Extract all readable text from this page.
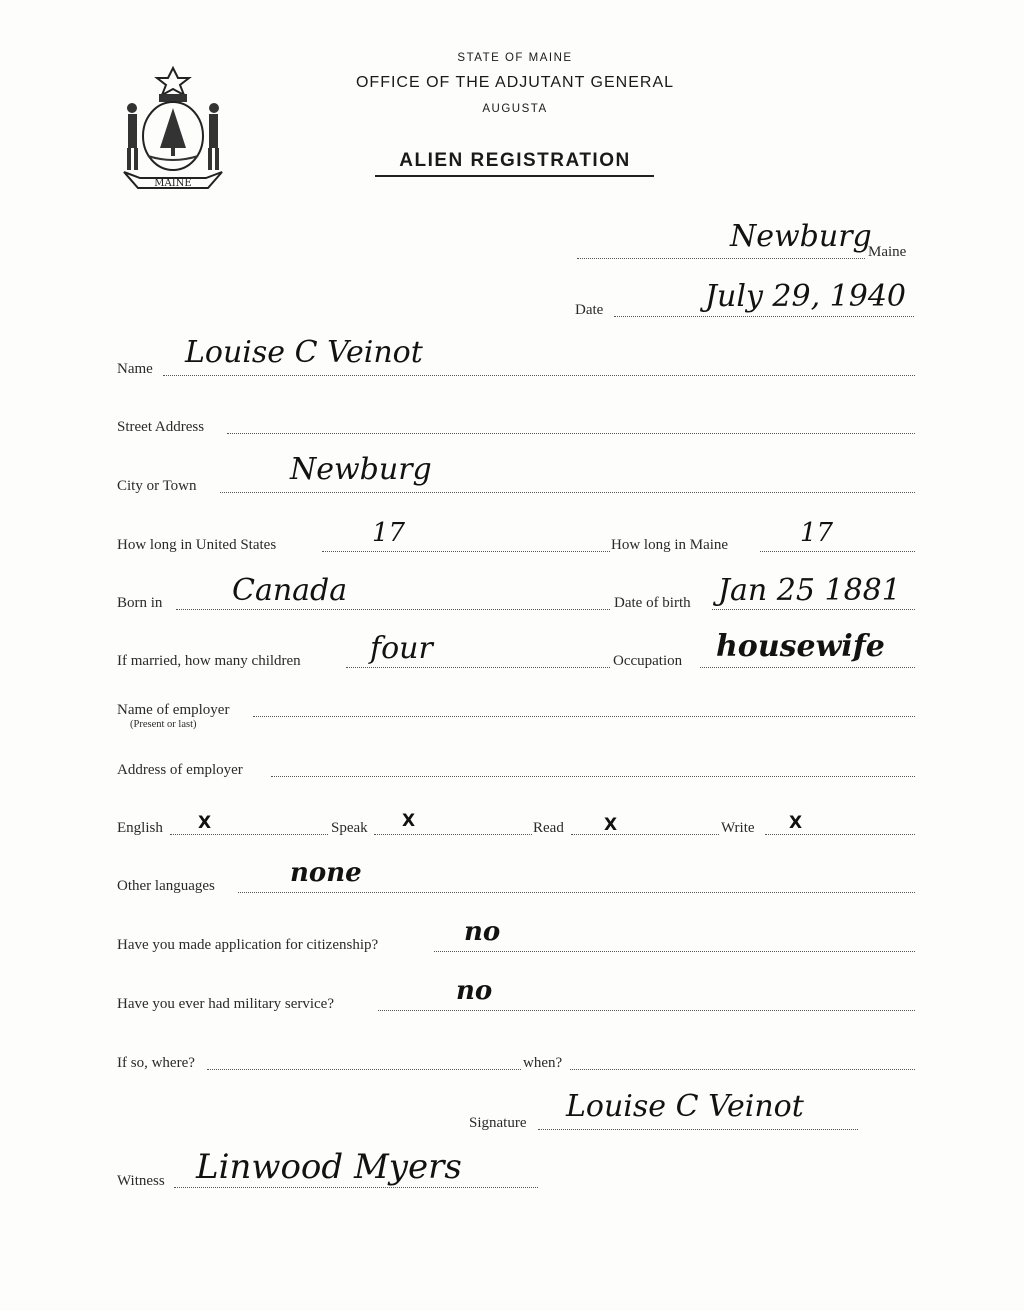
MAINE
STATE OF MAINE
OFFICE OF THE ADJUTANT GENERAL
AUGUSTA
ALIEN REGISTRATION
Newburg
Maine
Date	July 29, 1940
Name Louise C Veinot
Street Address
City or Town	Newburg
How long in United States	17	How long in Maine	17
Born in Canada	Date of birth Jan 25 1881
If married, how many children four	Occupation housewife
Name of employer
(Present or last)
Address of employer
English X	Speak X	Read X	Write X
Other languages	none
Have you made application for citizenship?	no
Have you ever had military service?	no
If so, where?	when?
Signature Louise C Veinot
Witness Linwood Myers
